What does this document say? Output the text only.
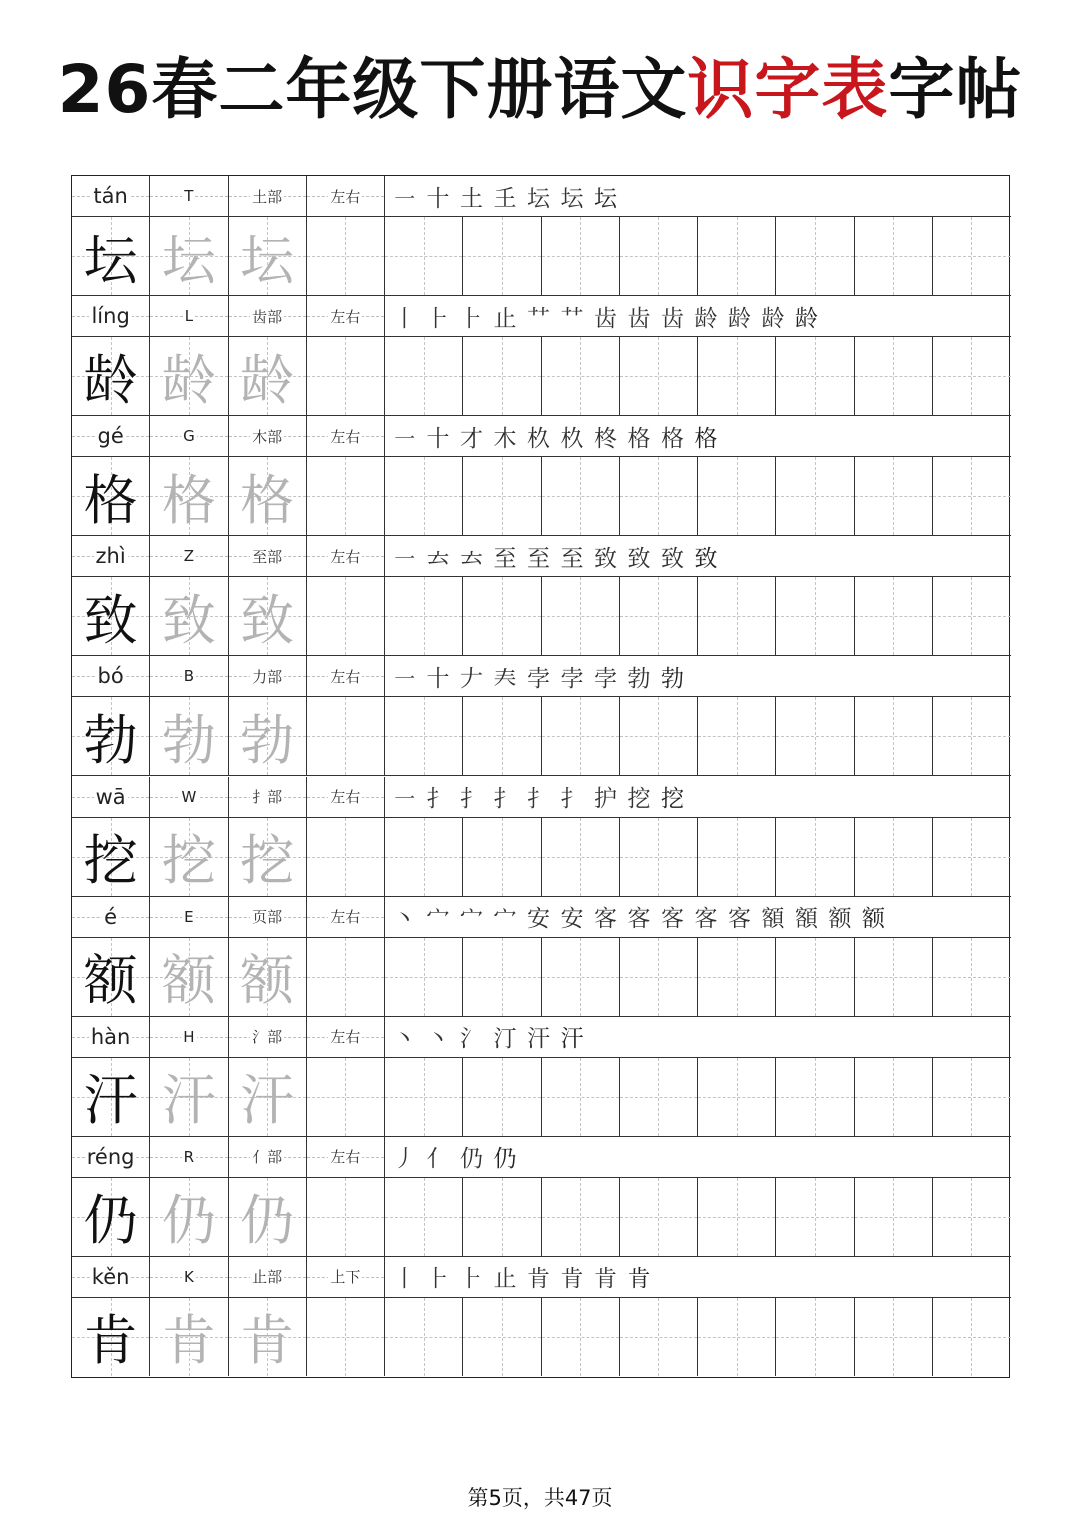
26春二年级下册语文识字表字帖
tán	T	土部	左右 ㇐ 十 土 𡈼 坛 坛 坛
坛 坛 坛
líng	L	齿部	左右 丨 ⺊ ⺊ 止 ⺿ ⺿ 齿 齿 齿 龄 龄 龄 龄
龄 龄 龄
gé	G	木部	左右 ㇐ 十 才 木 杦 杦 柊 格 格 格
格 格 格
zhì	Z	至部	左右 ㇐ 𠫓 𠫓 至 至 至 致 致 致 致
致 致 致
bó	B	力部	左右 ㇐ 十 𠂇 𡗗 孛 孛 孛 勃 勃
勃 勃 勃
wā	W	扌部	左右 ㇐ 扌 扌 扌 扌 扌 护 挖 挖
挖 挖 挖
é	E	页部	左右 丶 宀 宀 宀 安 安 客 客 客 客 客 額 額 额 额
额 额 额
hàn	H	氵部	左右 丶 丶 氵 汀 汗 汗
汗 汗 汗
réng	R	亻部	左右 丿 亻 仍 仍
仍 仍 仍
kěn	K	止部	上下 丨 ⺊ ⺊ 止 肯 肯 肯 肯
肯 肯 肯
第5页，共47页
